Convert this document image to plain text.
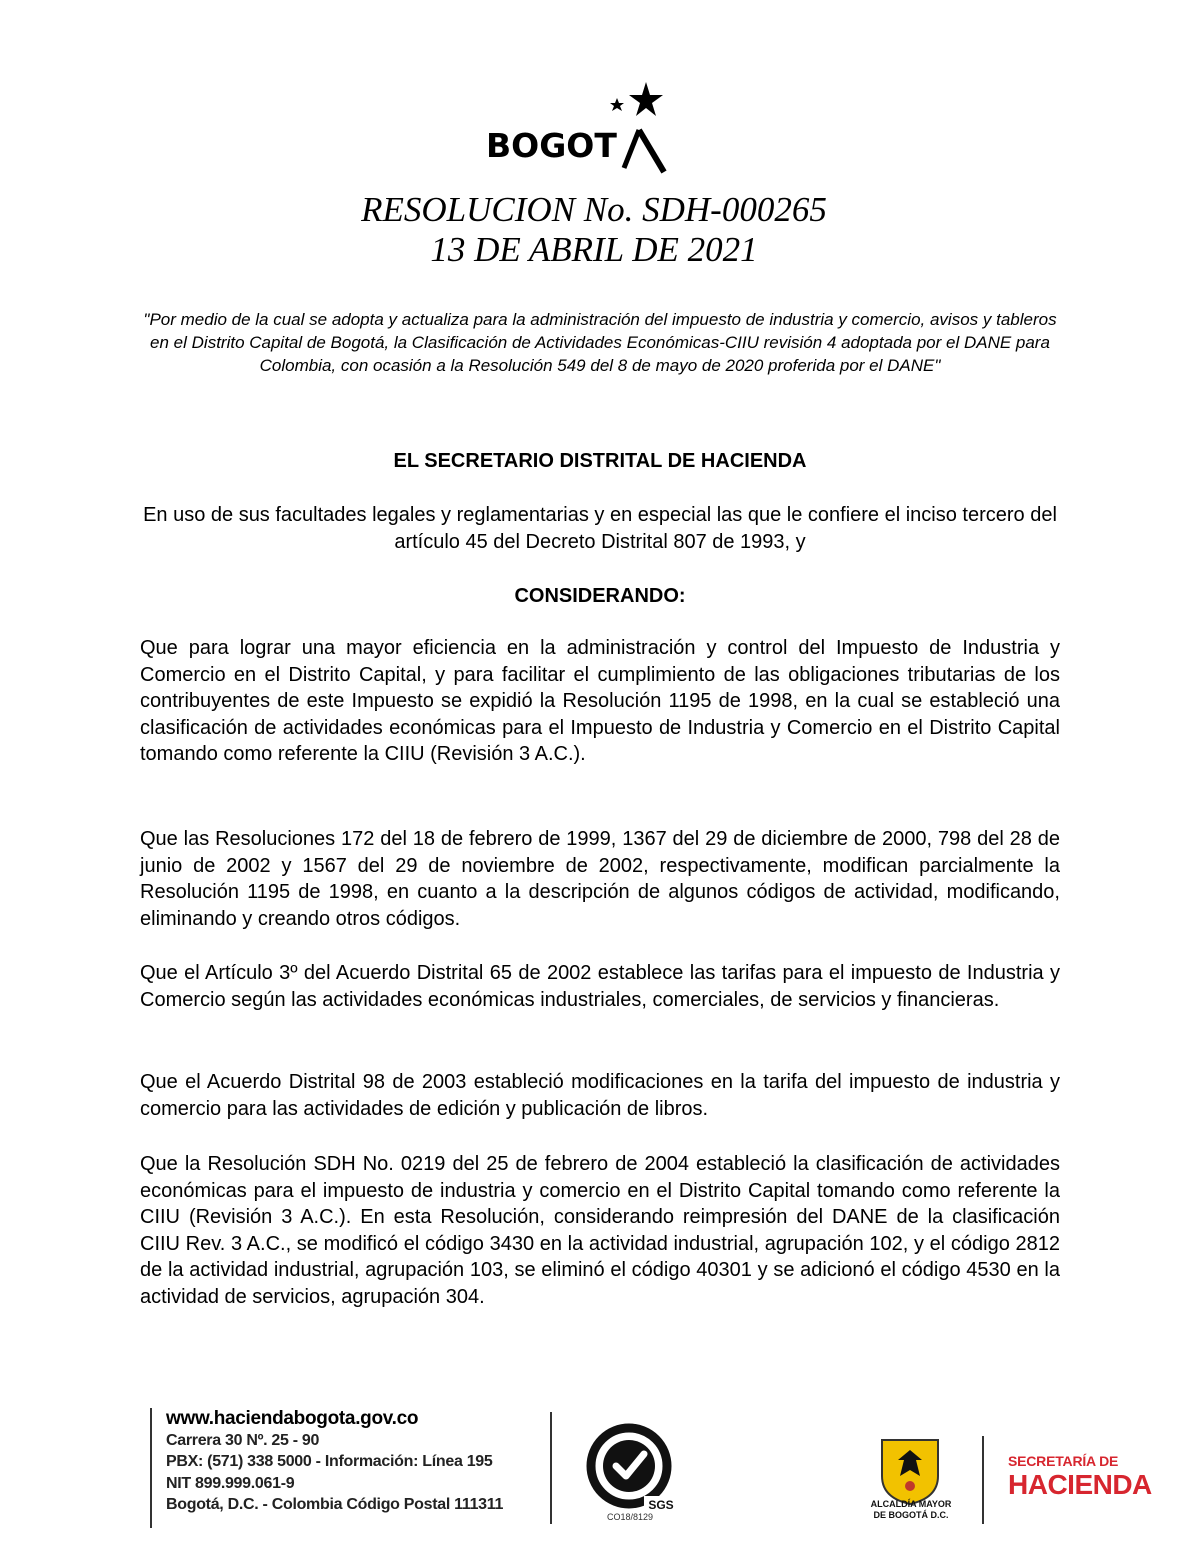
BOGOT
RESOLUCION No. SDH-000265
13 DE ABRIL DE 2021
"Por medio de la cual se adopta y actualiza para la administración del impuesto de industria y comercio, avisos y tableros en el Distrito Capital de Bogotá, la Clasificación de Actividades Económicas-CIIU revisión 4 adoptada por el DANE para Colombia, con ocasión a la Resolución 549 del 8 de mayo de 2020 proferida por el DANE"
EL SECRETARIO DISTRITAL DE HACIENDA
En uso de sus facultades legales y reglamentarias y en especial las que le confiere el inciso tercero del artículo 45 del Decreto Distrital 807 de 1993, y
CONSIDERANDO:
Que para lograr una mayor eficiencia en la administración y control del Impuesto de Industria y Comercio en el Distrito Capital, y para facilitar el cumplimiento de las obligaciones tributarias de los contribuyentes de este Impuesto se expidió la Resolución 1195 de 1998, en la cual se estableció una clasificación de actividades económicas para el Impuesto de Industria y Comercio en el Distrito Capital tomando como referente la CIIU (Revisión 3 A.C.).
Que las Resoluciones 172 del 18 de febrero de 1999, 1367 del 29 de diciembre de 2000, 798 del 28 de junio de 2002 y 1567 del 29 de noviembre de 2002, respectivamente, modifican parcialmente la Resolución 1195 de 1998, en cuanto a la descripción de algunos códigos de actividad, modificando, eliminando y creando otros códigos.
Que el Artículo 3º del Acuerdo Distrital 65 de 2002 establece las tarifas para el impuesto de Industria y Comercio según las actividades económicas industriales, comerciales, de servicios y financieras.
Que el Acuerdo Distrital 98 de 2003 estableció modificaciones en la tarifa del impuesto de industria y comercio para las actividades de edición y publicación de libros.
Que la Resolución SDH No. 0219 del 25 de febrero de 2004 estableció la clasificación de actividades económicas para el impuesto de industria y comercio en el Distrito Capital tomando como referente la CIIU (Revisión 3 A.C.). En esta Resolución, considerando reimpresión del DANE de la clasificación CIIU Rev. 3 A.C., se modificó el código 3430 en la actividad industrial, agrupación 102, y el código 2812 de la actividad industrial, agrupación 103, se eliminó el código 40301 y se adicionó el código 4530 en la actividad de servicios, agrupación 304.
www.haciendabogota.gov.co
Carrera 30 Nº. 25 - 90
PBX: (571) 338 5000 - Información: Línea 195
NIT 899.999.061-9
Bogotá, D.C. - Colombia Código Postal 111311	SGS
CO18/8129
ALCALDÍA MAYOR
DE BOGOTÁ D.C.
SECRETARÍA DE
HACIENDA
